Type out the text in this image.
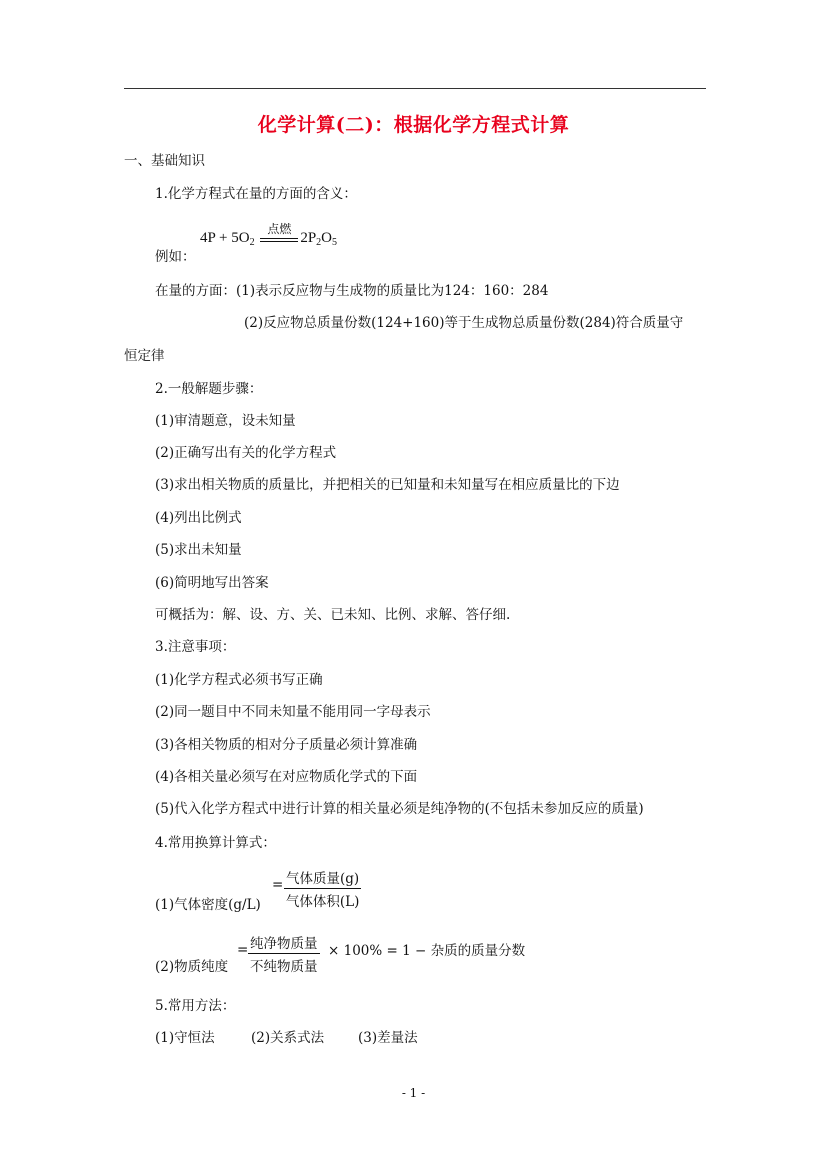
化学计算(二)：根据化学方程式计算
一、基础知识
1.化学方程式在量的方面的含义：
$4P + 5O_2$
点燃
$2P_2O_5$
例如：
在量的方面：(1)表示反应物与生成物的质量比为124：160：284
(2)反应物总质量份数(124+160)等于生成物总质量份数(284)符合质量守
恒定律
2.一般解题步骤：
(1)审清题意，设未知量
(2)正确写出有关的化学方程式
(3)求出相关物质的质量比，并把相关的已知量和未知量写在相应质量比的下边
(4)列出比例式
(5)求出未知量
(6)简明地写出答案
可概括为：解、设、方、关、已未知、比例、求解、答仔细.
3.注意事项：
(1)化学方程式必须书写正确
(2)同一题目中不同未知量不能用同一字母表示
(3)各相关物质的相对分子质量必须计算准确
(4)各相关量必须写在对应物质化学式的下面
(5)代入化学方程式中进行计算的相关量必须是纯净物的(不包括未参加反应的质量)
4.常用换算计算式：
(1)气体密度(g/L)
= 气体质量(g)
气体体积(L)
(2)物质纯度
= 纯净物质量
不纯物质量
× 100% = 1 − 杂质的质量分数
5.常用方法：
(1)守恒法	(2)关系式法	(3)差量法
- 1 -
